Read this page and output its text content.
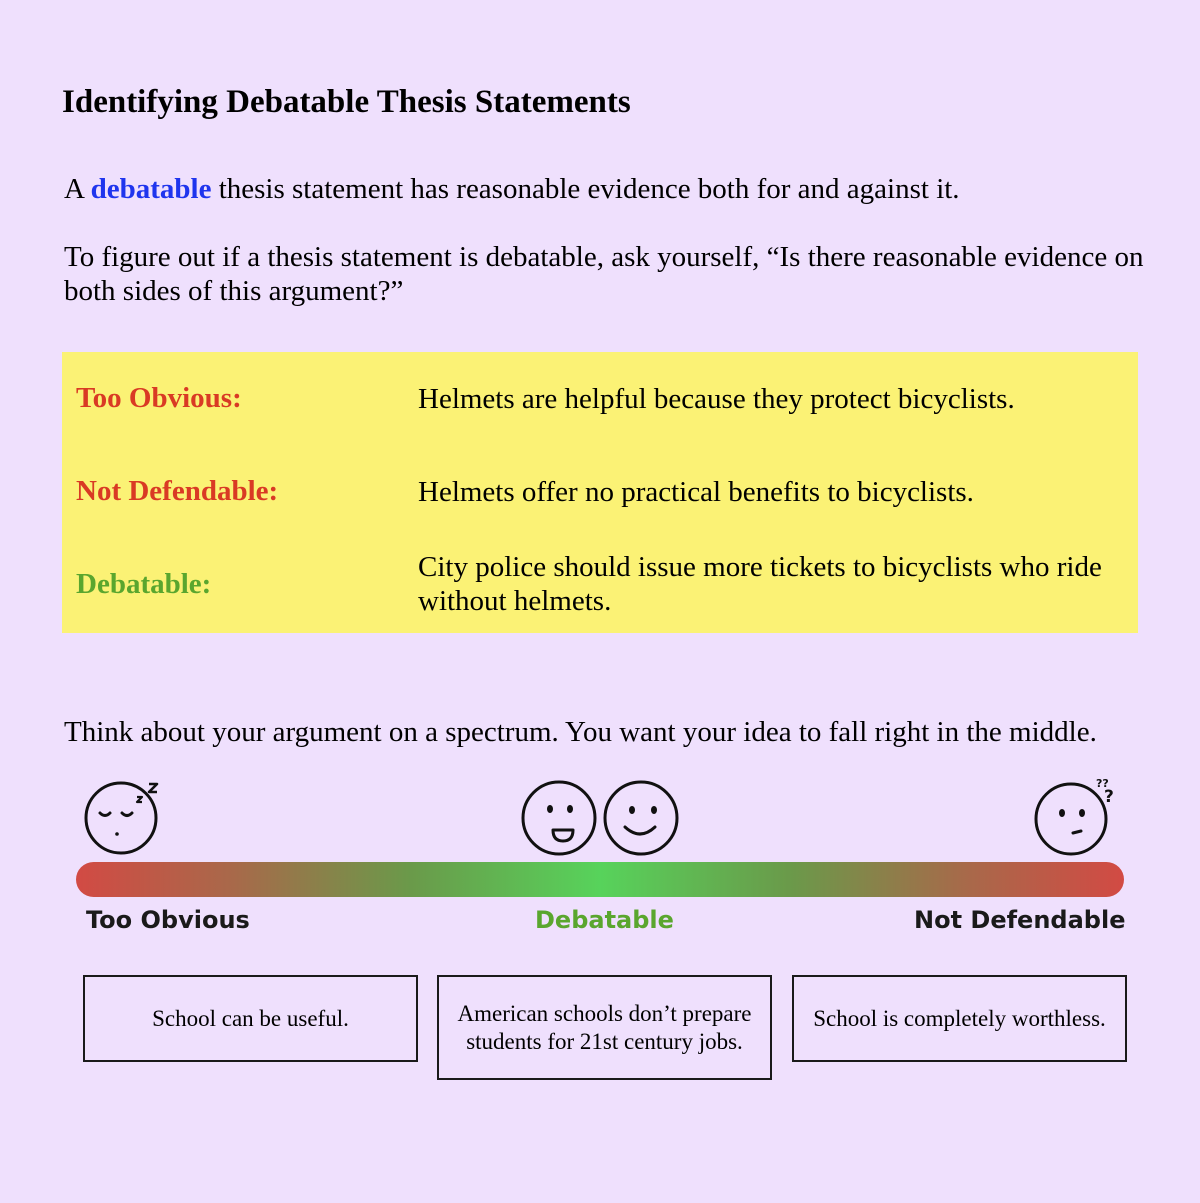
Identifying Debatable Thesis Statements
A debatable thesis statement has reasonable evidence both for and against it.
To figure out if a thesis statement is debatable, ask yourself, “Is there reasonable evidence on both sides of this argument?”
Too Obvious:	Helmets are helpful because they protect bicyclists.
Not Defendable:	Helmets offer no practical benefits to bicyclists.
Debatable:
City police should issue more tickets to bicyclists who ride without helmets.
Think about your argument on a spectrum. You want your idea to fall right in the middle.
??
?
Too Obvious	Debatable	Not Defendable
School can be useful.	American schools don’t prepare students for 21st century jobs.
School is completely worthless.
